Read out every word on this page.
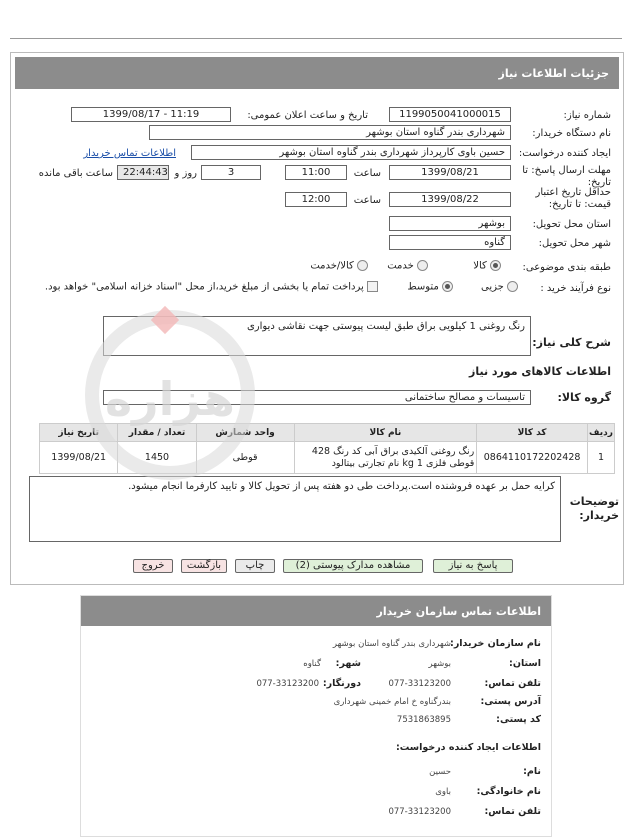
جزئیات اطلاعات نیاز
شماره نیاز:
1199050041000015
تاریخ و ساعت اعلان عمومی:
1399/08/17 - 11:19
نام دستگاه خریدار:
شهرداری بندر گناوه استان بوشهر
ایجاد کننده درخواست:
حسین باوی کارپرداز شهرداری بندر گناوه استان بوشهر
اطلاعات تماس خریدار
مهلت ارسال پاسخ: تا تاریخ:
1399/08/21
ساعت
11:00
3
روز و
22:44:43
ساعت باقی مانده
حداقل تاریخ اعتبار قیمت: تا تاریخ:
1399/08/22
ساعت
12:00
استان محل تحویل:
بوشهر
شهر محل تحویل:
گناوه
طبقه بندی موضوعی:
کالا
خدمت
کالا/خدمت
نوع فرآیند خرید :
جزیی
متوسط
پرداخت تمام یا بخشی از مبلغ خرید،از محل "اسناد خزانه اسلامی" خواهد بود.
شرح کلی نیاز:
رنگ روغنی 1 کیلویی براق طبق لیست پیوستی جهت نقاشی دیواری
اطلاعات کالاهای مورد نیاز
گروه کالا:
تاسیسات و مصالح ساختمانی
ردیف	کد کالا	نام کالا	واحد شمارش	تعداد / مقدار	تاریخ نیاز
1	0864110172202428	رنگ روغنی آلکیدی براق آبی کد رنگ 428 قوطی فلزی 1 kg نام تجارتی بیتالود	قوطی	1450	1399/08/21
توضیحات خریدار:
کرایه حمل بر عهده فروشنده است.پرداخت طی دو هفته پس از تحویل کالا و تایید کارفرما انجام میشود.
پاسخ به نیاز
مشاهده مدارک پیوستی (2)
چاپ
بازگشت
خروج
هزاره
اطلاعات تماس سازمان خریدار
نام سازمان خریدار:
شهرداری بندر گناوه استان بوشهر
استان:
بوشهر
شهر:
گناوه
تلفن تماس:
077-33123200
دورنگار:
077-33123200
آدرس پستی:
بندرگناوه خ امام خمینی شهرداری
کد پستی:
7531863895
اطلاعات ایجاد کننده درخواست:
نام:
حسین
نام خانوادگی:
باوی
تلفن تماس:
077-33123200
